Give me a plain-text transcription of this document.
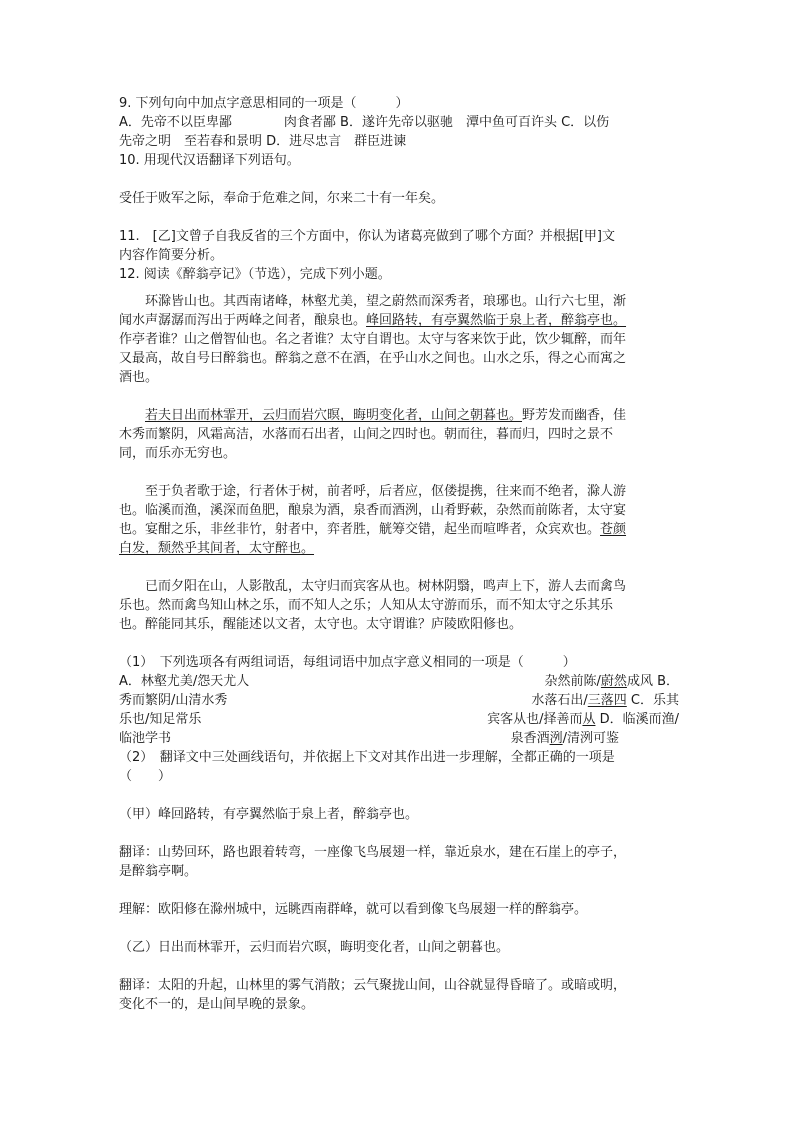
9. 下列句向中加点字意思相同的一项是（　　　）
A．先帝不以臣卑鄙　　　　肉食者鄙 B．遂许先帝以驱驰　潭中鱼可百许头 C．以伤
先帝之明　至若春和景明 D．进尽忠言　群臣进谏
10. 用现代汉语翻译下列语句。
受任于败军之际，奉命于危难之间，尔来二十有一年矣。
11.　[乙]文曾子自我反省的三个方面中，你认为诸葛亮做到了哪个方面？并根据[甲]文
内容作简要分析。
12. 阅读《醉翁亭记》（节选），完成下列小题。
环滁皆山也。其西南诸峰，林壑尤美，望之蔚然而深秀者，琅琊也。山行六七里，渐
闻水声潺潺而泻出于两峰之间者，酿泉也。峰回路转，有亭翼然临于泉上者，醉翁亭也。
作亭者谁？山之僧智仙也。名之者谁？太守自谓也。太守与客来饮于此，饮少辄醉，而年
又最高，故自号曰醉翁也。醉翁之意不在酒，在乎山水之间也。山水之乐，得之心而寓之
酒也。
若夫日出而林霏开，云归而岩穴暝，晦明变化者，山间之朝暮也。野芳发而幽香，佳
木秀而繁阴，风霜高洁，水落而石出者，山间之四时也。朝而往，暮而归，四时之景不
同，而乐亦无穷也。
至于负者歌于途，行者休于树，前者呼，后者应，伛偻提携，往来而不绝者，滁人游
也。临溪而渔，溪深而鱼肥，酿泉为酒，泉香而酒洌，山肴野蔌，杂然而前陈者，太守宴
也。宴酣之乐，非丝非竹，射者中，弈者胜，觥筹交错，起坐而喧哗者，众宾欢也。苍颜
白发，颓然乎其间者，太守醉也。
已而夕阳在山，人影散乱，太守归而宾客从也。树林阴翳，鸣声上下，游人去而禽鸟
乐也。然而禽鸟知山林之乐，而不知人之乐；人知从太守游而乐，而不知太守之乐其乐
也。醉能同其乐，醒能述以文者，太守也。太守谓谁？庐陵欧阳修也。
（1）　下列选项各有两组词语，每组词语中加点字意义相同的一项是（　　　）
A．林壑尤美/怨天尤人	杂然前陈/蔚然成风 B．
秀而繁阴/山清水秀	水落石出/三落四 C．乐其
乐也/知足常乐	宾客从也/择善而从 D．临溪而渔/
临池学书	泉香酒洌/清洌可鉴
（2）　翻译文中三处画线语句，并依据上下文对其作出进一步理解，全都正确的一项是
（　　）
（甲）峰回路转，有亭翼然临于泉上者，醉翁亭也。
翻译：山势回环，路也跟着转弯，一座像飞鸟展翅一样，靠近泉水，建在石崖上的亭子，
是醉翁亭啊。
理解：欧阳修在滁州城中，远眺西南群峰，就可以看到像飞鸟展翅一样的醉翁亭。
（乙）日出而林霏开，云归而岩穴暝，晦明变化者，山间之朝暮也。
翻译：太阳的升起，山林里的雾气消散；云气聚拢山间，山谷就显得昏暗了。或暗或明，
变化不一的，是山间早晚的景象。
